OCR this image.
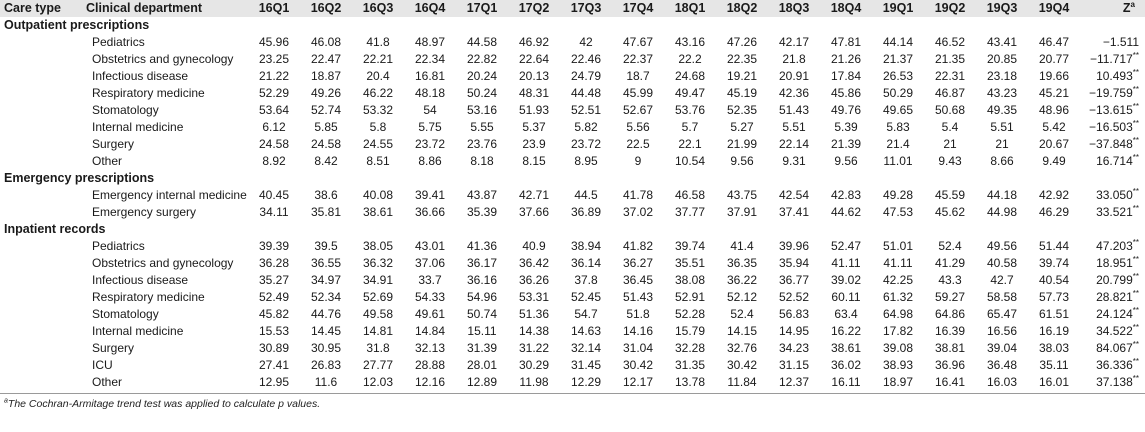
Care type	Clinical department	16Q1	16Q2	16Q3	16Q4	17Q1	17Q2	17Q3	17Q4	18Q1	18Q2	18Q3	18Q4	19Q1	19Q2	19Q3	19Q4	$Z^a$
Outpatient prescriptions																		
	Pediatrics	45.96	46.08	41.8	48.97	44.58	46.92	42	47.67	43.16	47.26	42.17	47.81	44.14	46.52	43.41	46.47	−1.511
	Obstetrics and gynecology	23.25	22.47	22.21	22.34	22.82	22.64	22.46	22.37	22.2	22.35	21.8	21.26	21.37	21.35	20.85	20.77	−11.717**
	Infectious disease	21.22	18.87	20.4	16.81	20.24	20.13	24.79	18.7	24.68	19.21	20.91	17.84	26.53	22.31	23.18	19.66	10.493**
	Respiratory medicine	52.29	49.26	46.22	48.18	50.24	48.31	44.48	45.99	49.47	45.19	42.36	45.86	50.29	46.87	43.23	45.21	−19.759**
	Stomatology	53.64	52.74	53.32	54	53.16	51.93	52.51	52.67	53.76	52.35	51.43	49.76	49.65	50.68	49.35	48.96	−13.615**
	Internal medicine	6.12	5.85	5.8	5.75	5.55	5.37	5.82	5.56	5.7	5.27	5.51	5.39	5.83	5.4	5.51	5.42	−16.503**
	Surgery	24.58	24.58	24.55	23.72	23.76	23.9	23.72	22.5	22.1	21.99	22.14	21.39	21.4	21	21	20.67	−37.848**
	Other	8.92	8.42	8.51	8.86	8.18	8.15	8.95	9	10.54	9.56	9.31	9.56	11.01	9.43	8.66	9.49	16.714**
Emergency prescriptions																		
	Emergency internal medicine	40.45	38.6	40.08	39.41	43.87	42.71	44.5	41.78	46.58	43.75	42.54	42.83	49.28	45.59	44.18	42.92	33.050**
	Emergency surgery	34.11	35.81	38.61	36.66	35.39	37.66	36.89	37.02	37.77	37.91	37.41	44.62	47.53	45.62	44.98	46.29	33.521**
Inpatient records																		
	Pediatrics	39.39	39.5	38.05	43.01	41.36	40.9	38.94	41.82	39.74	41.4	39.96	52.47	51.01	52.4	49.56	51.44	47.203**
	Obstetrics and gynecology	36.28	36.55	36.32	37.06	36.17	36.42	36.14	36.27	35.51	36.35	35.94	41.11	41.11	41.29	40.58	39.74	18.951**
	Infectious disease	35.27	34.97	34.91	33.7	36.16	36.26	37.8	36.45	38.08	36.22	36.77	39.02	42.25	43.3	42.7	40.54	20.799**
	Respiratory medicine	52.49	52.34	52.69	54.33	54.96	53.31	52.45	51.43	52.91	52.12	52.52	60.11	61.32	59.27	58.58	57.73	28.821**
	Stomatology	45.82	44.76	49.58	49.61	50.74	51.36	54.7	51.8	52.28	52.4	56.83	63.4	64.98	64.86	65.47	61.51	24.124**
	Internal medicine	15.53	14.45	14.81	14.84	15.11	14.38	14.63	14.16	15.79	14.15	14.95	16.22	17.82	16.39	16.56	16.19	34.522**
	Surgery	30.89	30.95	31.8	32.13	31.39	31.22	32.14	31.04	32.28	32.76	34.23	38.61	39.08	38.81	39.04	38.03	84.067**
	ICU	27.41	26.83	27.77	28.88	28.01	30.29	31.45	30.42	31.35	30.42	31.15	36.02	38.93	36.96	36.48	35.11	36.336**
	Other	12.95	11.6	12.03	12.16	12.89	11.98	12.29	12.17	13.78	11.84	12.37	16.11	18.97	16.41	16.03	16.01	37.138**
$^a$The Cochran-Armitage trend test was applied to calculate p values.
